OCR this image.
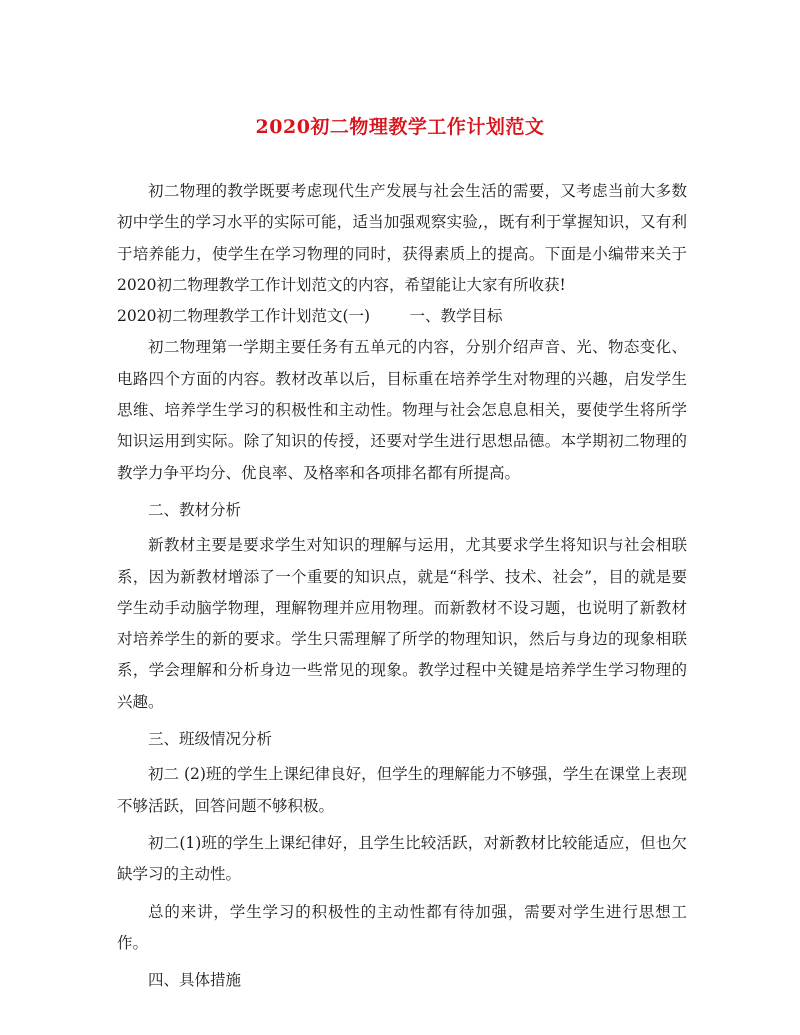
2020初二物理教学工作计划范文

初二物理的教学既要考虑现代生产发展与社会生活的需要，又考虑当前大多数初中学生的学习水平的实际可能，适当加强观察实验,，既有利于掌握知识，又有利于培养能力，使学生在学习物理的同时，获得素质上的提高。下面是小编带来关于2020初二物理教学工作计划范文的内容，希望能让大家有所收获!

2020初二物理教学工作计划范文(一)	一、教学目标

初二物理第一学期主要任务有五单元的内容，分别介绍声音、光、物态变化、电路四个方面的内容。教材改革以后，目标重在培养学生对物理的兴趣，启发学生思维、培养学生学习的积极性和主动性。物理与社会怎息息相关，要使学生将所学知识运用到实际。除了知识的传授，还要对学生进行思想品德。本学期初二物理的教学力争平均分、优良率、及格率和各项排名都有所提高。

二、教材分析

新教材主要是要求学生对知识的理解与运用，尤其要求学生将知识与社会相联系，因为新教材增添了一个重要的知识点，就是“科学、技术、社会”，目的就是要学生动手动脑学物理，理解物理并应用物理。而新教材不设习题，也说明了新教材对培养学生的新的要求。学生只需理解了所学的物理知识，然后与身边的现象相联系，学会理解和分析身边一些常见的现象。教学过程中关键是培养学生学习物理的兴趣。

三、班级情况分析

初二 (2)班的学生上课纪律良好，但学生的理解能力不够强，学生在课堂上表现不够活跃，回答问题不够积极。

初二(1)班的学生上课纪律好，且学生比较活跃，对新教材比较能适应，但也欠缺学习的主动性。

总的来讲，学生学习的积极性的主动性都有待加强，需要对学生进行思想工作。

四、具体措施
